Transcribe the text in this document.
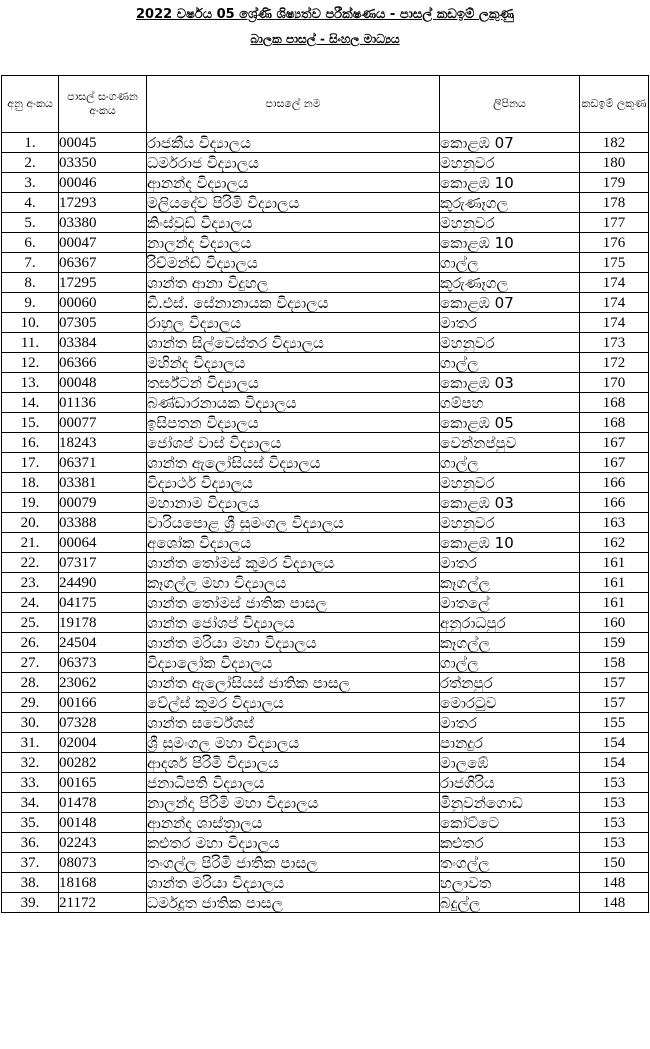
2022 වර්ෂය 05 ශ්‍රේණි ශිෂ්‍යත්ව පරීක්ෂණය - පාසල් කඩඉම් ලකුණු
බාලක පාසල් - සිංහල මාධ්‍යය
අනු අංකය	පාසල් සංගණන අංකය	පාසලේ නම	ලිපිනය	කඩඉම් ලකුණ
1.	00045	රාජකීය විද්‍යාලය	කොළඹ 07	182
2.	03350	ධර්මරාජ විද්‍යාලය	මහනුවර	180
3.	00046	ආනන්ද විද්‍යාලය	කොළඹ 10	179
4.	17293	මලියදේව පිරිමි විද්‍යාලය	කුරුණෑගල	178
5.	03380	කිංස්වුඩ් විද්‍යාලය	මහනුවර	177
6.	00047	නාලන්ද විද්‍යාලය	කොළඹ 10	176
7.	06367	රිච්මන්ඩ් විද්‍යාලය	ගාල්ල	175
8.	17295	ශාන්ත ආනා විදුහල	කුරුණෑගල	174
9.	00060	ඩී.එස්. සේනානායක විද්‍යාලය	කොළඹ 07	174
10.	07305	රාහුල විද්‍යාලය	මාතර	174
11.	03384	ශාන්ත සිල්වෙස්තර විද්‍යාලය	මහනුවර	173
12.	06366	මහින්ද විද්‍යාලය	ගාල්ල	172
13.	00048	තර්ස්ටන් විද්‍යාලය	කොළඹ 03	170
14.	01136	බණ්ඩාරනායක විද්‍යාලය	ගම්පහ	168
15.	00077	ඉසිපතන විද්‍යාලය	කොළඹ 05	168
16.	18243	ජෝශප් වාස් විද්‍යාලය	වෙන්නප්පුව	167
17.	06371	ශාන්ත ඇලෝසියස් විද්‍යාලය	ගාල්ල	167
18.	03381	විද්‍යාර්ථ විද්‍යාලය	මහනුවර	166
19.	00079	මහානාම විද්‍යාලය	කොළඹ 03	166
20.	03388	වාරියපොළ ශ්‍රී සුමංගල විද්‍යාලය	මහනුවර	163
21.	00064	අශෝක විද්‍යාලය	කොළඹ 10	162
22.	07317	ශාන්ත තෝමස් කුමර විද්‍යාලය	මාතර	161
23.	24490	කෑගල්ල මහා විද්‍යාලය	කෑගල්ල	161
24.	04175	ශාන්ත තෝමස් ජාතික පාසල	මාතලේ	161
25.	19178	ශාන්ත ජෝශප් විද්‍යාලය	අනුරාධපුර	160
26.	24504	ශාන්ත මරියා මහා විද්‍යාලය	කෑගල්ල	159
27.	06373	විද්‍යාලෝක විද්‍යාලය	ගාල්ල	158
28.	23062	ශාන්ත ඇලෝසියස් ජාතික පාසල	රත්නපුර	157
29.	00166	වේල්ස් කුමර විද්‍යාලය	මොරටුව	157
30.	07328	ශාන්ත සර්වේශස්	මාතර	155
31.	02004	ශ්‍රී සුමංගල මහා විද්‍යාලය	පානදුර	154
32.	00282	ආදර්ශ පිරිමි විද්‍යාලය	මාලඹේ	154
33.	00165	ජනාධිපති විද්‍යාලය	රාජගිරිය	153
34.	01478	නාලන්දා පිරිමි මහා විද්‍යාලය	මිනුවන්ගොඩ	153
35.	00148	ආනන්ද ශාස්ත්‍රාලය	කෝට්ටෙ	153
36.	02243	කළුතර මහා විද්‍යාලය	කළුතර	153
37.	08073	තංගල්ල පිරිමි ජාතික පාසල	තංගල්ල	150
38.	18168	ශාන්ත මරියා විද්‍යාලය	හලාවත	148
39.	21172	ධර්මදූත ජාතික පාසල	බදුල්ල	148
